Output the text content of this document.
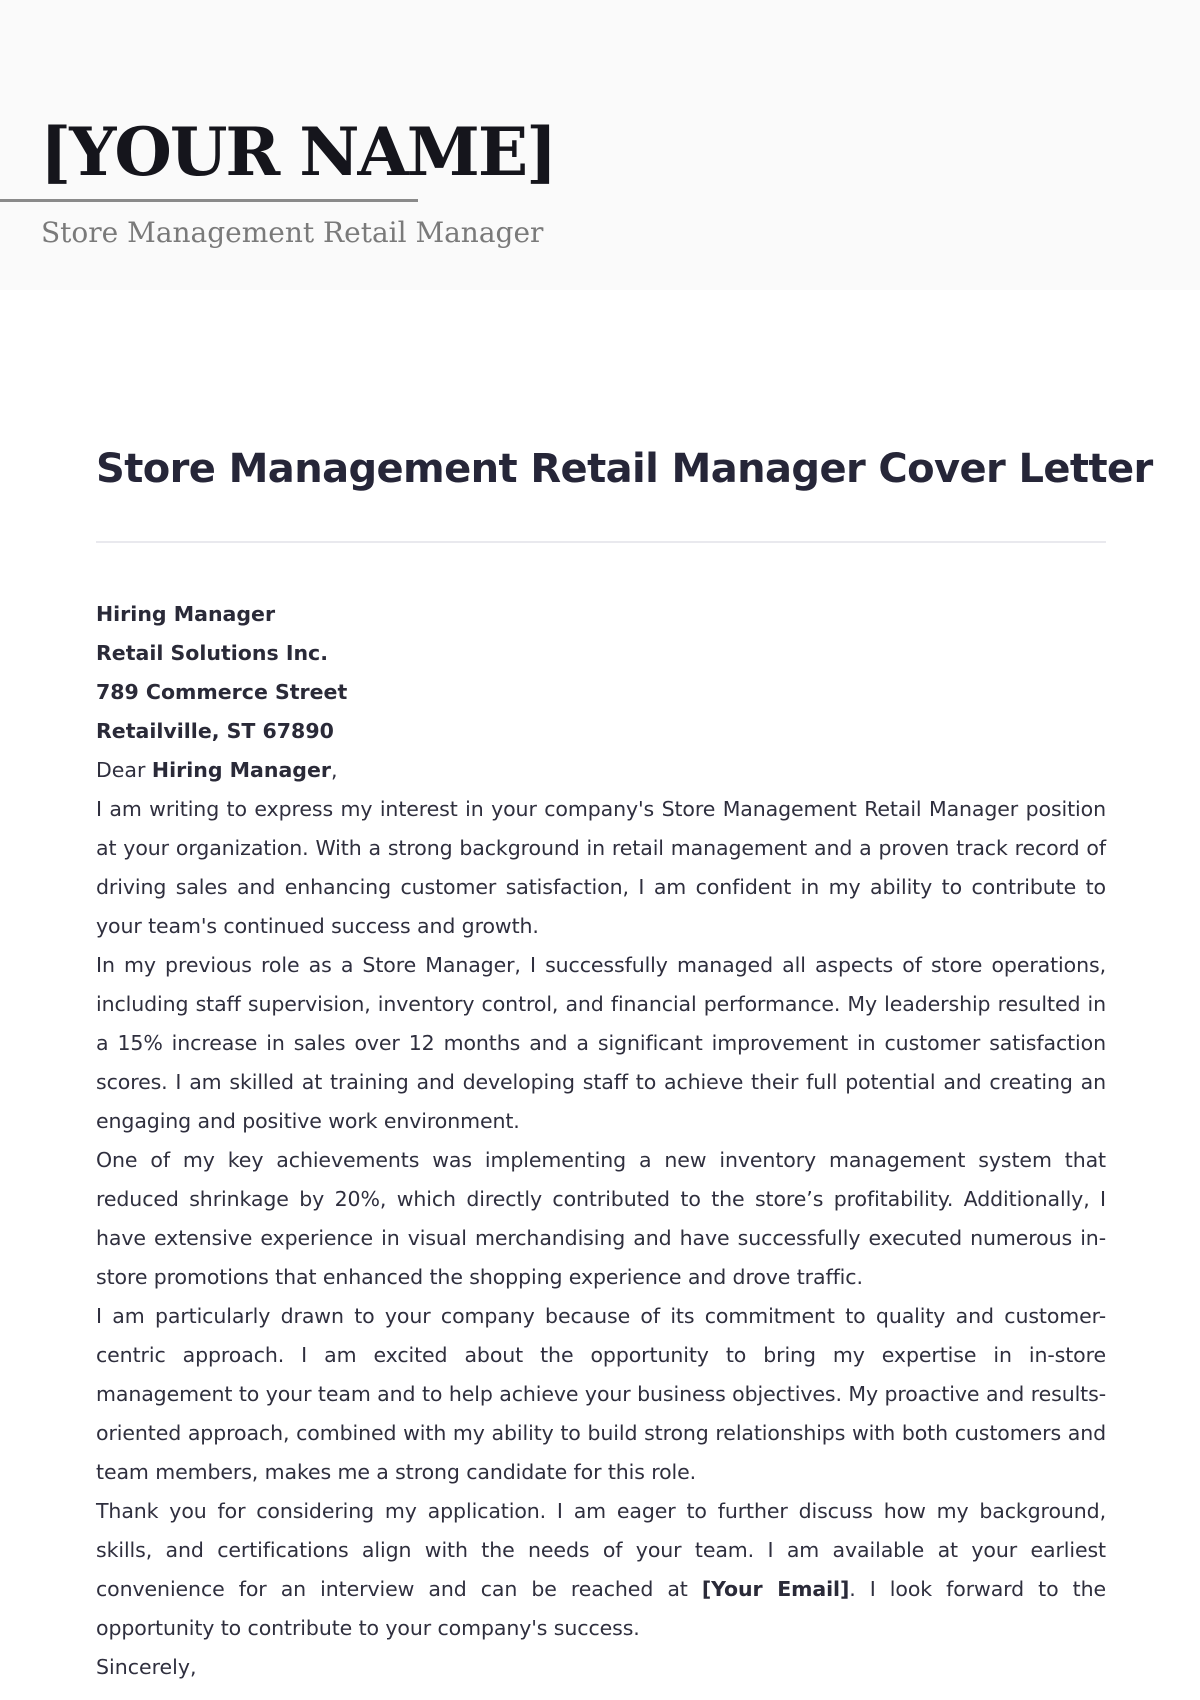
[YOUR NAME]
Store Management Retail Manager
Store Management Retail Manager Cover Letter

Hiring Manager

Retail Solutions Inc.

789 Commerce Street

Retailville, ST 67890

Dear Hiring Manager,

I am writing to express my interest in your company's Store Management Retail Manager position at your organization. With a strong background in retail management and a proven track record of driving sales and enhancing customer satisfaction, I am confident in my ability to contribute to your team's continued success and growth.

In my previous role as a Store Manager, I successfully managed all aspects of store operations, including staff supervision, inventory control, and financial performance. My leadership resulted in a 15% increase in sales over 12 months and a significant improvement in customer satisfaction scores. I am skilled at training and developing staff to achieve their full potential and creating an engaging and positive work environment.

One of my key achievements was implementing a new inventory management system that reduced shrinkage by 20%, which directly contributed to the store’s profitability. Additionally, I have extensive experience in visual merchandising and have successfully executed numerous in-store promotions that enhanced the shopping experience and drove traffic.

I am particularly drawn to your company because of its commitment to quality and customer-centric approach. I am excited about the opportunity to bring my expertise in in-store management to your team and to help achieve your business objectives. My proactive and results-oriented approach, combined with my ability to build strong relationships with both customers and team members, makes me a strong candidate for this role.

Thank you for considering my application. I am eager to further discuss how my background, skills, and certifications align with the needs of your team. I am available at your earliest convenience for an interview and can be reached at [Your Email]. I look forward to the opportunity to contribute to your company's success.

Sincerely,
